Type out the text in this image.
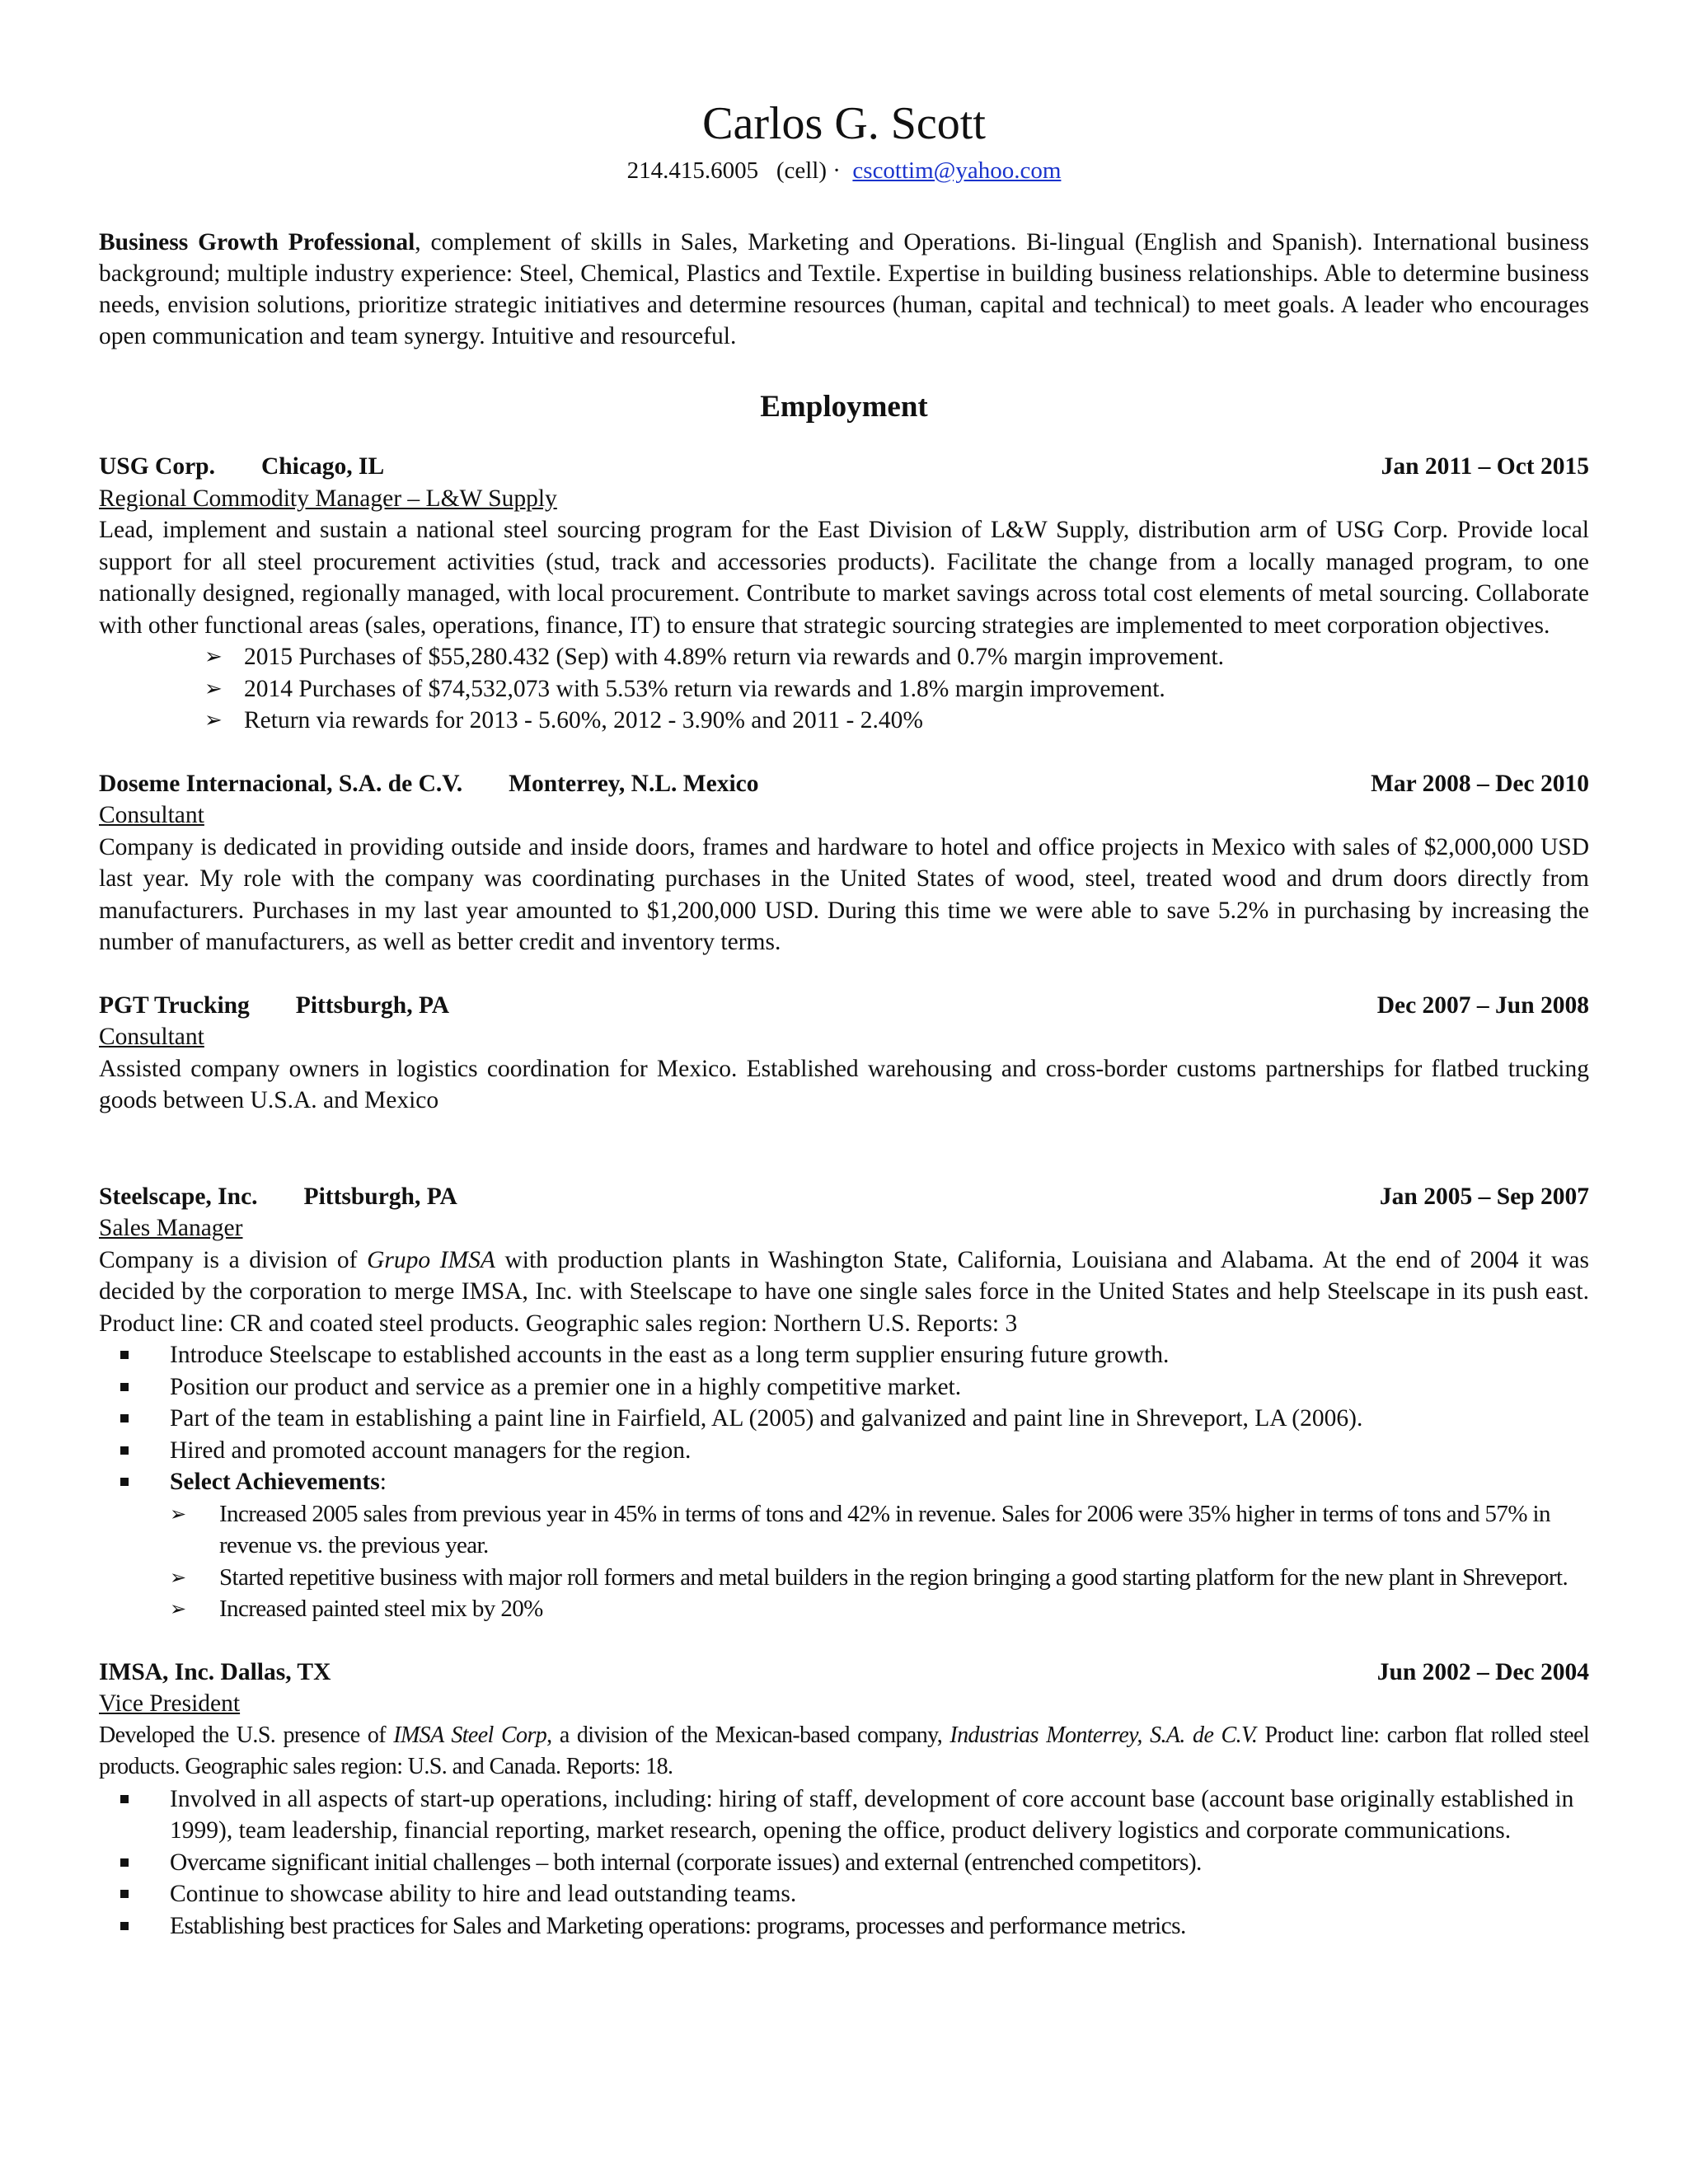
Carlos G. Scott
214.415.6005 (cell) · cscottim@yahoo.com
Business Growth Professional, complement of skills in Sales, Marketing and Operations. Bi-lingual (English and Spanish). International business background; multiple industry experience: Steel, Chemical, Plastics and Textile. Expertise in building business relationships. Able to determine business needs, envision solutions, prioritize strategic initiatives and determine resources (human, capital and technical) to meet goals. A leader who encourages open communication and team synergy. Intuitive and resourceful.
Employment
USG Corp. Chicago, IL	Jan 2011 – Oct 2015
Regional Commodity Manager – L&W Supply
Lead, implement and sustain a national steel sourcing program for the East Division of L&W Supply, distribution arm of USG Corp. Provide local support for all steel procurement activities (stud, track and accessories products). Facilitate the change from a locally managed program, to one nationally designed, regionally managed, with local procurement. Contribute to market savings across total cost elements of metal sourcing. Collaborate with other functional areas (sales, operations, finance, IT) to ensure that strategic sourcing strategies are implemented to meet corporation objectives.
➢ 2015 Purchases of $55,280.432 (Sep) with 4.89% return via rewards and 0.7% margin improvement.
➢ 2014 Purchases of $74,532,073 with 5.53% return via rewards and 1.8% margin improvement.
➢ Return via rewards for 2013 - 5.60%, 2012 - 3.90% and 2011 - 2.40%
Doseme Internacional, S.A. de C.V. Monterrey, N.L. Mexico	Mar 2008 – Dec 2010
Consultant
Company is dedicated in providing outside and inside doors, frames and hardware to hotel and office projects in Mexico with sales of $2,000,000 USD last year. My role with the company was coordinating purchases in the United States of wood, steel, treated wood and drum doors directly from manufacturers. Purchases in my last year amounted to $1,200,000 USD. During this time we were able to save 5.2% in purchasing by increasing the number of manufacturers, as well as better credit and inventory terms.
PGT Trucking Pittsburgh, PA	Dec 2007 – Jun 2008
Consultant
Assisted company owners in logistics coordination for Mexico. Established warehousing and cross-border customs partnerships for flatbed trucking goods between U.S.A. and Mexico
Steelscape, Inc. Pittsburgh, PA	Jan 2005 – Sep 2007
Sales Manager
Company is a division of Grupo IMSA with production plants in Washington State, California, Louisiana and Alabama. At the end of 2004 it was decided by the corporation to merge IMSA, Inc. with Steelscape to have one single sales force in the United States and help Steelscape in its push east. Product line: CR and coated steel products. Geographic sales region: Northern U.S. Reports: 3
Introduce Steelscape to established accounts in the east as a long term supplier ensuring future growth.
Position our product and service as a premier one in a highly competitive market.
Part of the team in establishing a paint line in Fairfield, AL (2005) and galvanized and paint line in Shreveport, LA (2006).
Hired and promoted account managers for the region.
Select Achievements:
➢ Increased 2005 sales from previous year in 45% in terms of tons and 42% in revenue. Sales for 2006 were 35% higher in terms of tons and 57% in revenue vs. the previous year.
➢ Started repetitive business with major roll formers and metal builders in the region bringing a good starting platform for the new plant in Shreveport.
➢ Increased painted steel mix by 20%
IMSA, Inc. Dallas, TX	Jun 2002 – Dec 2004
Vice President
Developed the U.S. presence of IMSA Steel Corp, a division of the Mexican-based company, Industrias Monterrey, S.A. de C.V. Product line: carbon flat rolled steel products. Geographic sales region: U.S. and Canada. Reports: 18.
Involved in all aspects of start-up operations, including: hiring of staff, development of core account base (account base originally established in 1999), team leadership, financial reporting, market research, opening the office, product delivery logistics and corporate communications.
Overcame significant initial challenges – both internal (corporate issues) and external (entrenched competitors).
Continue to showcase ability to hire and lead outstanding teams.
Establishing best practices for Sales and Marketing operations: programs, processes and performance metrics.
